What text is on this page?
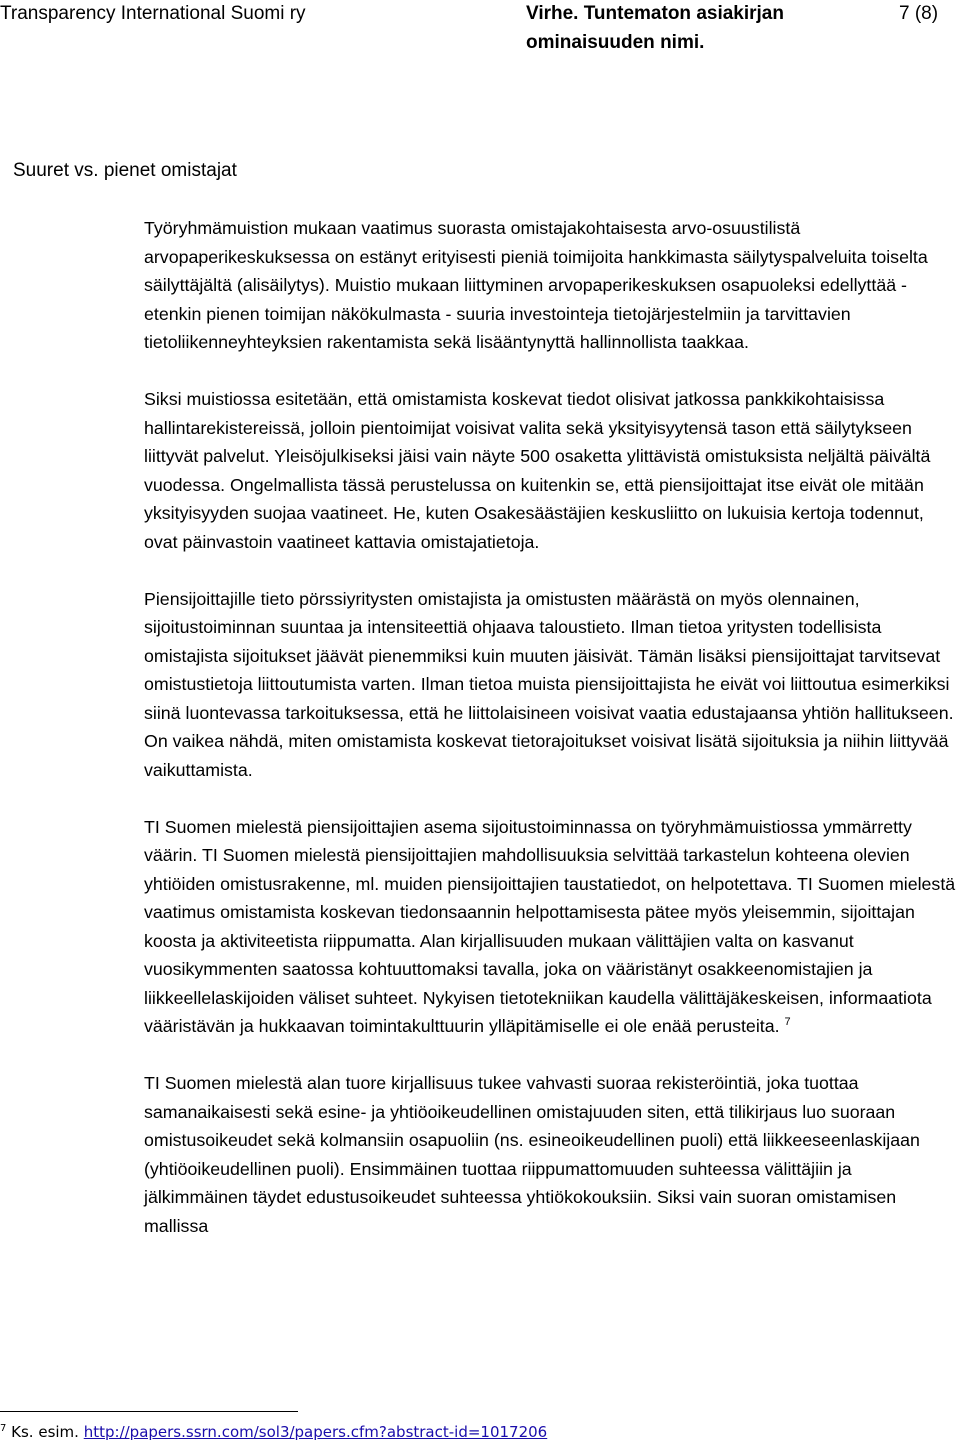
Transparency International Suomi ry	Virhe. Tuntematon asiakirjan ominaisuuden nimi.
7 (8)
Suuret vs. pienet omistajat

Työryhmämuistion mukaan vaatimus suorasta omistajakohtaisesta arvo-osuustilistä arvopaperikeskuksessa on estänyt erityisesti pieniä toimijoita hankkimasta säilytyspalveluita toiselta säilyttäjältä (alisäilytys). Muistio mukaan liittyminen arvopaperikeskuksen osapuoleksi edellyttää - etenkin pienen toimijan näkökulmasta - suuria investointeja tietojärjestelmiin ja tarvittavien tietoliikenneyhteyksien rakentamista sekä lisääntynyttä hallinnollista taakkaa.

Siksi muistiossa esitetään, että omistamista koskevat tiedot olisivat jatkossa pankkikohtaisissa hallintarekistereissä, jolloin pientoimijat voisivat valita sekä yksityisyytensä tason että säilytykseen liittyvät palvelut. Yleisöjulkiseksi jäisi vain näyte 500 osaketta ylittävistä omistuksista neljältä päivältä vuodessa. Ongelmallista tässä perustelussa on kuitenkin se, että piensijoittajat itse eivät ole mitään yksityisyyden suojaa vaatineet. He, kuten Osakesäästäjien keskusliitto on lukuisia kertoja todennut, ovat päinvastoin vaatineet kattavia omistajatietoja.

Piensijoittajille tieto pörssiyritysten omistajista ja omistusten määrästä on myös olennainen, sijoitustoiminnan suuntaa ja intensiteettiä ohjaava taloustieto. Ilman tietoa yritysten todellisista omistajista sijoitukset jäävät pienemmiksi kuin muuten jäisivät. Tämän lisäksi piensijoittajat tarvitsevat omistustietoja liittoutumista varten. Ilman tietoa muista piensijoittajista he eivät voi liittoutua esimerkiksi siinä luontevassa tarkoituksessa, että he liittolaisineen voisivat vaatia edustajaansa yhtiön hallitukseen. On vaikea nähdä, miten omistamista koskevat tietorajoitukset voisivat lisätä sijoituksia ja niihin liittyvää vaikuttamista.

TI Suomen mielestä piensijoittajien asema sijoitustoiminnassa on työryhmämuistiossa ymmärretty väärin. TI Suomen mielestä piensijoittajien mahdollisuuksia selvittää tarkastelun kohteena olevien yhtiöiden omistusrakenne, ml. muiden piensijoittajien taustatiedot, on helpotettava. TI Suomen mielestä vaatimus omistamista koskevan tiedonsaannin helpottamisesta pätee myös yleisemmin, sijoittajan koosta ja aktiviteetista riippumatta. Alan kirjallisuuden mukaan välittäjien valta on kasvanut vuosikymmenten saatossa kohtuuttomaksi tavalla, joka on vääristänyt osakkeenomistajien ja liikkeellelaskijoiden väliset suhteet. Nykyisen tietotekniikan kaudella välittäjäkeskeisen, informaatiota vääristävän ja hukkaavan toimintakulttuurin ylläpitämiselle ei ole enää perusteita. $^7$

TI Suomen mielestä alan tuore kirjallisuus tukee vahvasti suoraa rekisteröintiä, joka tuottaa samanaikaisesti sekä esine- ja yhtiöoikeudellinen omistajuuden siten, että tilikirjaus luo suoraan omistusoikeudet sekä kolmansiin osapuoliin (ns. esineoikeudellinen puoli) että liikkeeseenlaskijaan (yhtiöoikeudellinen puoli). Ensimmäinen tuottaa riippumattomuuden suhteessa välittäjiin ja jälkimmäinen täydet edustusoikeudet suhteessa yhtiökokouksiin. Siksi vain suoran omistamisen mallissa

$^7$ Ks. esim. http://papers.ssrn.com/sol3/papers.cfm?abstract-id=1017206
